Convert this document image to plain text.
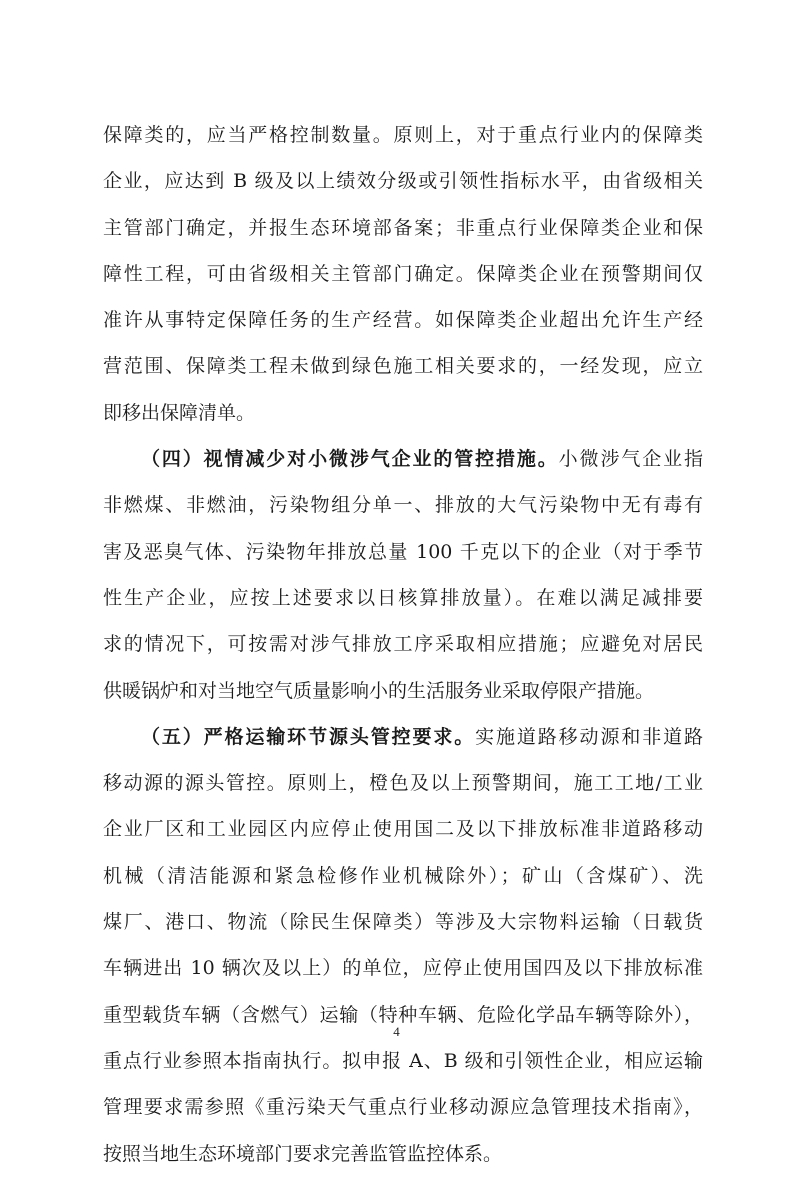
保障类的，应当严格控制数量。原则上，对于重点行业内的保障类
企业，应达到 B 级及以上绩效分级或引领性指标水平，由省级相关
主管部门确定，并报生态环境部备案；非重点行业保障类企业和保
障性工程，可由省级相关主管部门确定。保障类企业在预警期间仅
准许从事特定保障任务的生产经营。如保障类企业超出允许生产经
营范围、保障类工程未做到绿色施工相关要求的，一经发现，应立
即移出保障清单。
（四）视情减少对小微涉气企业的管控措施。小微涉气企业指
非燃煤、非燃油，污染物组分单一、排放的大气污染物中无有毒有
害及恶臭气体、污染物年排放总量 100 千克以下的企业（对于季节
性生产企业，应按上述要求以日核算排放量）。在难以满足减排要
求的情况下，可按需对涉气排放工序采取相应措施；应避免对居民
供暖锅炉和对当地空气质量影响小的生活服务业采取停限产措施。
（五）严格运输环节源头管控要求。实施道路移动源和非道路
移动源的源头管控。原则上，橙色及以上预警期间，施工工地/工业
企业厂区和工业园区内应停止使用国二及以下排放标准非道路移动
机械（清洁能源和紧急检修作业机械除外）；矿山（含煤矿）、洗
煤厂、港口、物流（除民生保障类）等涉及大宗物料运输（日载货
车辆进出 10 辆次及以上）的单位，应停止使用国四及以下排放标准
重型载货车辆（含燃气）运输（特种车辆、危险化学品车辆等除外），
重点行业参照本指南执行。拟申报 A、B 级和引领性企业，相应运输
管理要求需参照《重污染天气重点行业移动源应急管理技术指南》，
按照当地生态环境部门要求完善监管监控体系。
4
